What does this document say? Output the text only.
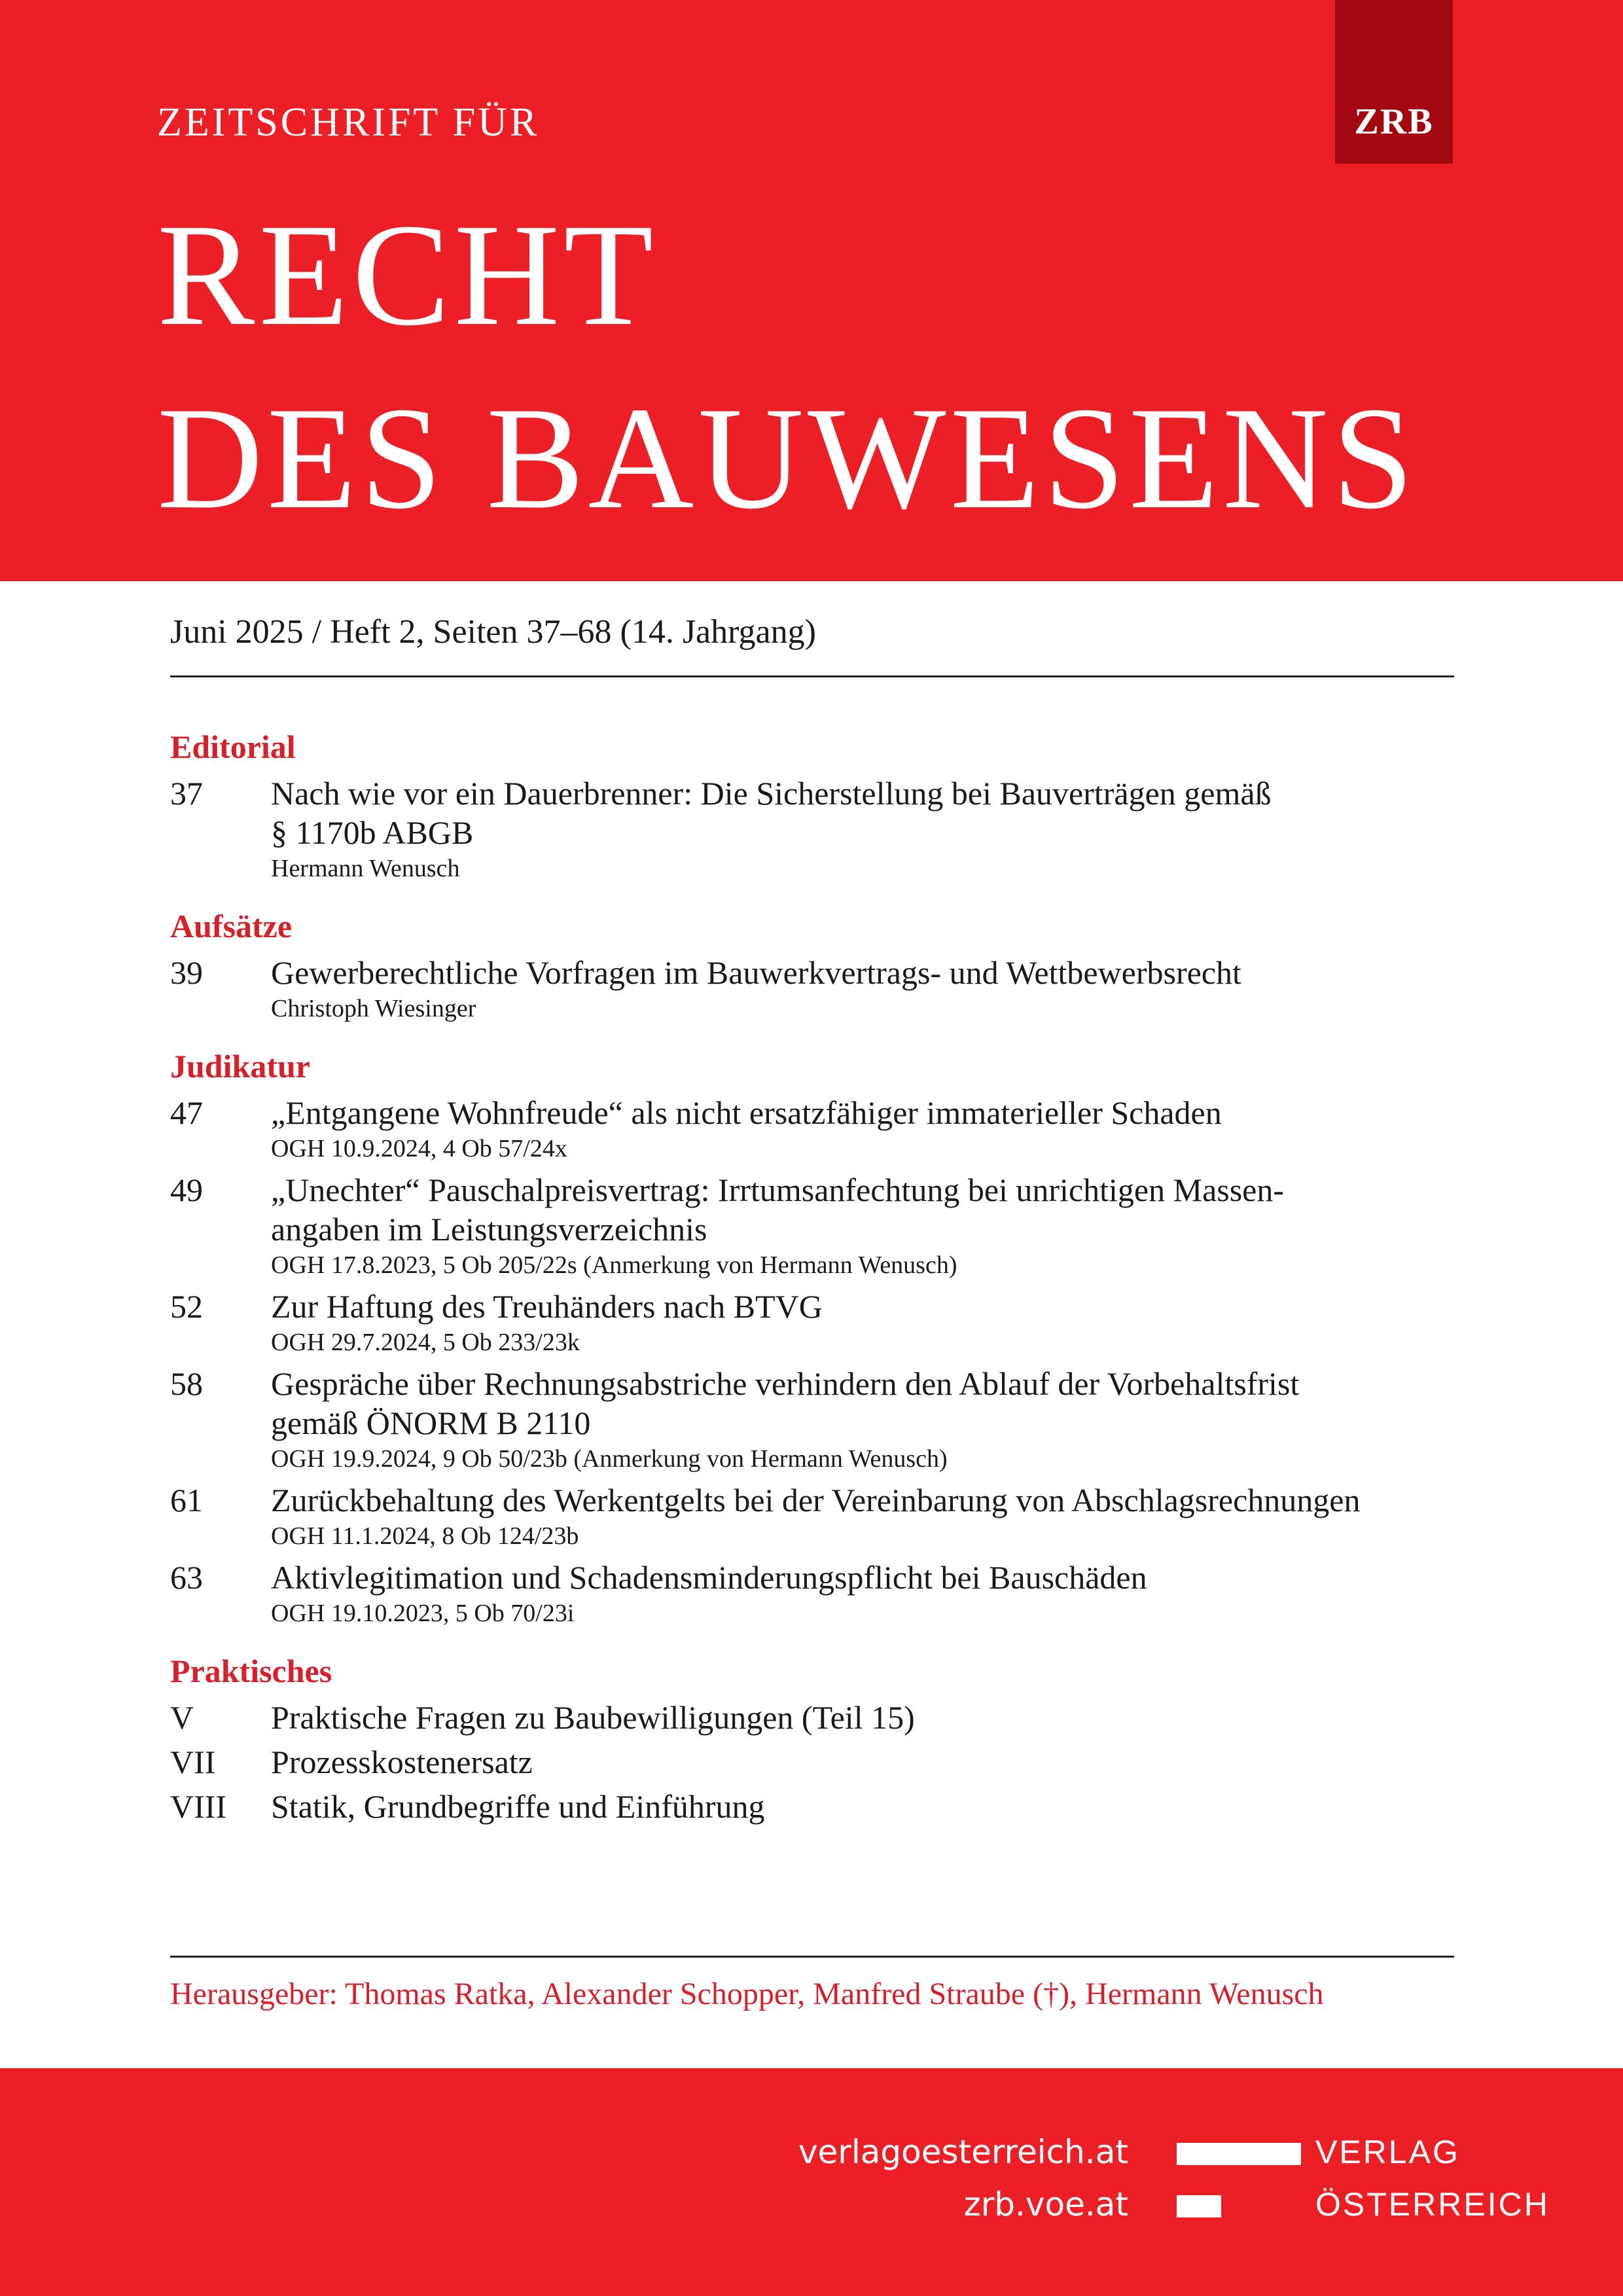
ZEITSCHRIFT FÜR
RECHT
DES BAUWESENS
ZRB
Juni 2025 / Heft 2, Seiten 37–68 (14. Jahrgang)
Editorial
37	Nach wie vor ein Dauerbrenner: Die Sicherstellung bei Bauverträgen gemäß
§ 1170b ABGB
Hermann Wenusch
Aufsätze
39	Gewerberechtliche Vorfragen im Bauwerkvertrags- und Wettbewerbsrecht
Christoph Wiesinger
Judikatur
47	„Entgangene Wohnfreude“ als nicht ersatzfähiger immaterieller Schaden
OGH 10.9.2024, 4 Ob 57/24x
49	„Unechter“ Pauschalpreisvertrag: Irrtumsanfechtung bei unrichtigen Massen-
angaben im Leistungsverzeichnis
OGH 17.8.2023, 5 Ob 205/22s (Anmerkung von Hermann Wenusch)
52	Zur Haftung des Treuhänders nach BTVG
OGH 29.7.2024, 5 Ob 233/23k
58	Gespräche über Rechnungsabstriche verhindern den Ablauf der Vorbehaltsfrist
gemäß ÖNORM B 2110
OGH 19.9.2024, 9 Ob 50/23b (Anmerkung von Hermann Wenusch)
61	Zurückbehaltung des Werkentgelts bei der Vereinbarung von Abschlagsrechnungen
OGH 11.1.2024, 8 Ob 124/23b
63	Aktivlegitimation und Schadensminderungspflicht bei Bauschäden
OGH 19.10.2023, 5 Ob 70/23i
Praktisches
V	Praktische Fragen zu Baubewilligungen (Teil 15)
VII	Prozesskostenersatz
VIII	Statik, Grundbegriffe und Einführung
Herausgeber: Thomas Ratka, Alexander Schopper, Manfred Straube (†), Hermann Wenusch
verlagoesterreich.at
zrb.voe.at
VERLAG
ÖSTERREICH
